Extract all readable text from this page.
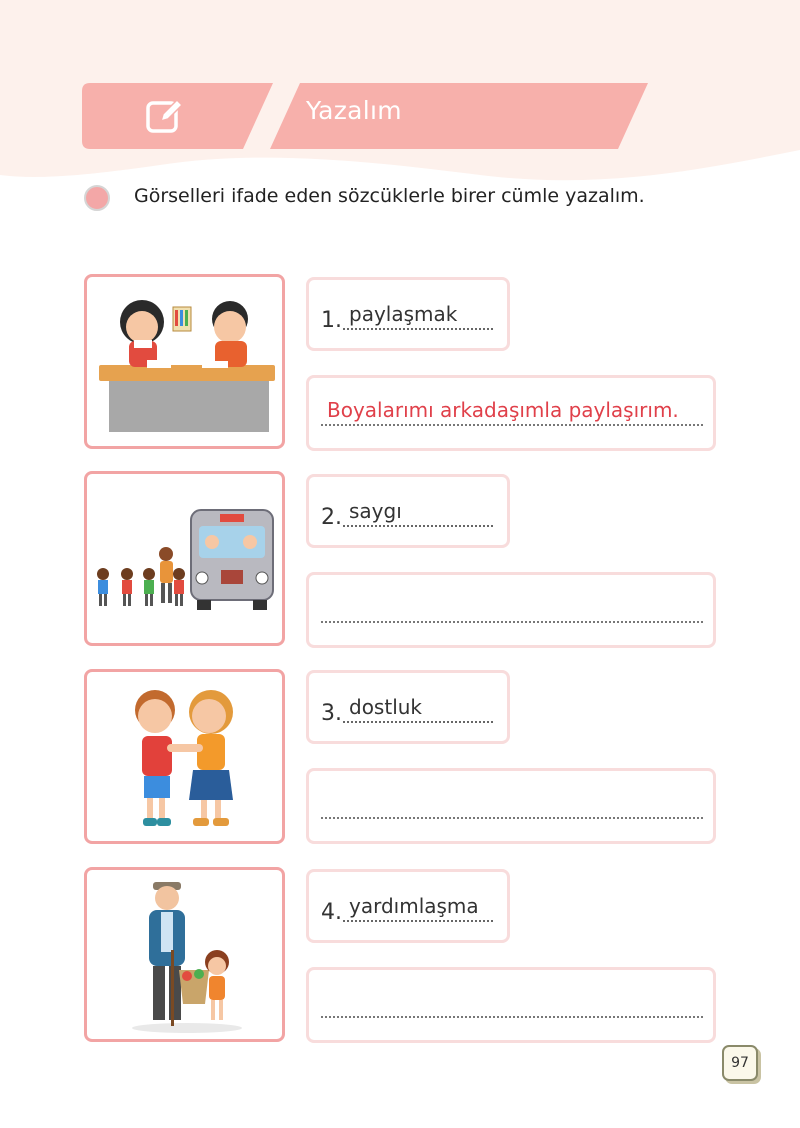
Yazalım
Görselleri ifade eden sözcüklerle birer cümle yazalım.
1. paylaşmak
Boyalarımı arkadaşımla paylaşırım.
2. saygı
3. dostluk
4. yardımlaşma
97
